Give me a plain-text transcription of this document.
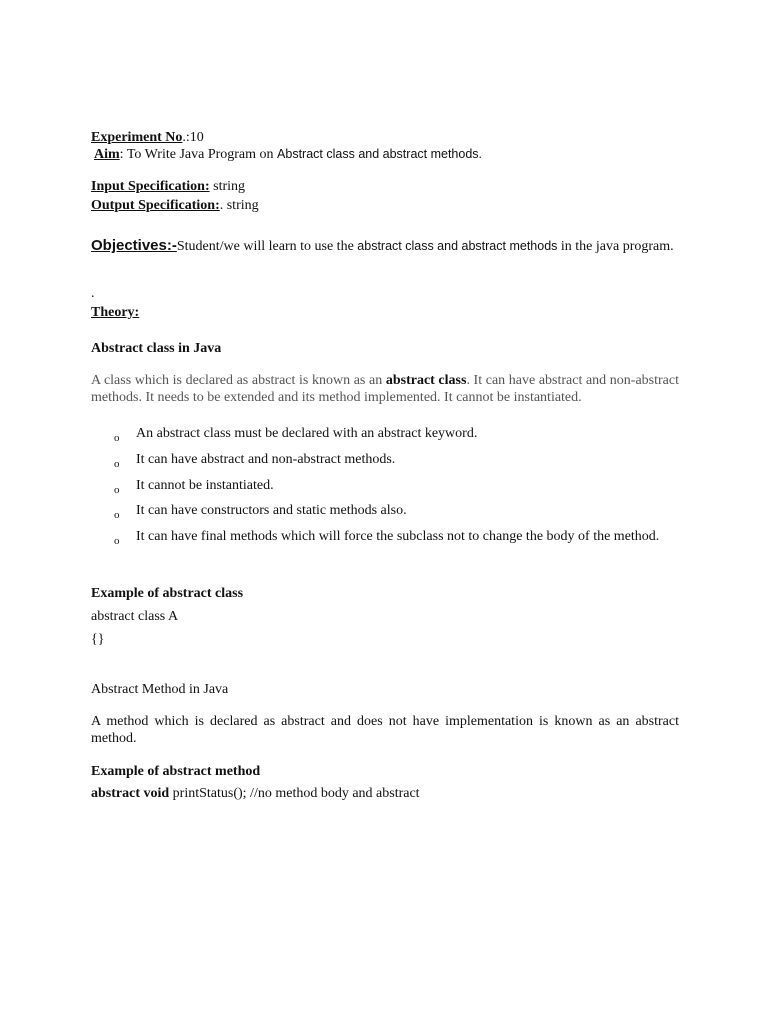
Experiment No.:10

Aim: To Write Java Program on Abstract class and abstract methods.

Input Specification: string

Output Specification:. string

Objectives:-Student/we will learn to use the abstract class and abstract methods in the java program.

.

Theory:

Abstract class in Java

A class which is declared as abstract is known as an abstract class. It can have abstract and non-abstract methods. It needs to be extended and its method implemented. It cannot be instantiated.

o An abstract class must be declared with an abstract keyword.

o It can have abstract and non-abstract methods.

o It cannot be instantiated.

o It can have constructors and static methods also.

o It can have final methods which will force the subclass not to change the body of the method.

Example of abstract class

abstract class A

{}

Abstract Method in Java

A method which is declared as abstract and does not have implementation is known as an abstract method.

Example of abstract method

abstract void printStatus(); //no method body and abstract
